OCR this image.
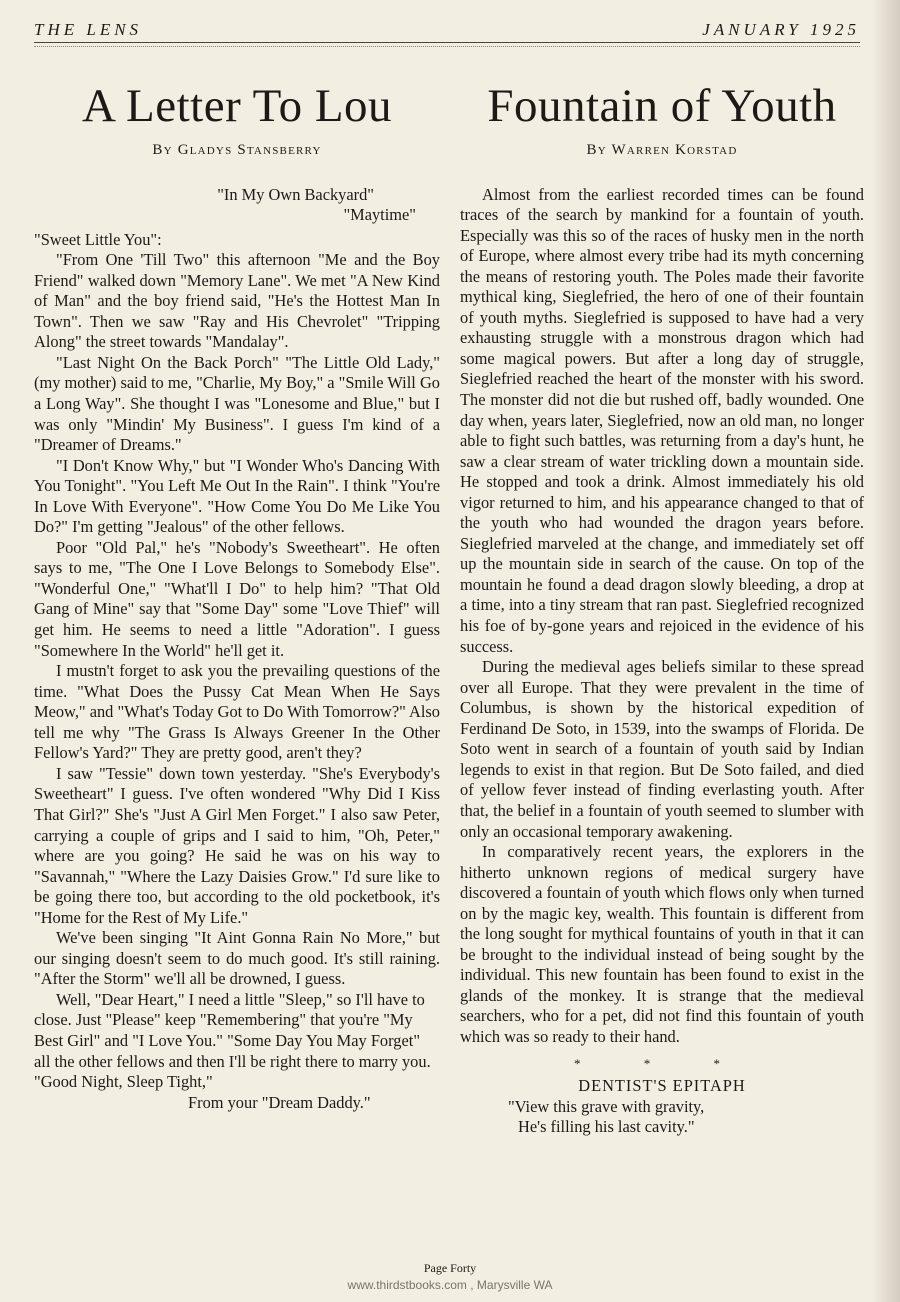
THE LENS	JANUARY 1925
A Letter To Lou
By Gladys Stansberry

"In My Own Backyard"

"Maytime"

"Sweet Little You":

"From One 'Till Two" this afternoon "Me and the Boy Friend" walked down "Memory Lane". We met "A New Kind of Man" and the boy friend said, "He's the Hottest Man In Town". Then we saw "Ray and His Chevrolet" "Tripping Along" the street towards "Mandalay".

"Last Night On the Back Porch" "The Little Old Lady," (my mother) said to me, "Charlie, My Boy," a "Smile Will Go a Long Way". She thought I was "Lonesome and Blue," but I was only "Mindin' My Business". I guess I'm kind of a "Dreamer of Dreams."

"I Don't Know Why," but "I Wonder Who's Dancing With You Tonight". "You Left Me Out In the Rain". I think "You're In Love With Everyone". "How Come You Do Me Like You Do?" I'm getting "Jealous" of the other fellows.

Poor "Old Pal," he's "Nobody's Sweetheart". He often says to me, "The One I Love Belongs to Somebody Else". "Wonderful One," "What'll I Do" to help him? "That Old Gang of Mine" say that "Some Day" some "Love Thief" will get him. He seems to need a little "Adoration". I guess "Somewhere In the World" he'll get it.

I mustn't forget to ask you the prevailing questions of the time. "What Does the Pussy Cat Mean When He Says Meow," and "What's Today Got to Do With Tomorrow?" Also tell me why "The Grass Is Always Greener In the Other Fellow's Yard?" They are pretty good, aren't they?

I saw "Tessie" down town yesterday. "She's Everybody's Sweetheart" I guess. I've often wondered "Why Did I Kiss That Girl?" She's "Just A Girl Men Forget." I also saw Peter, carrying a couple of grips and I said to him, "Oh, Peter," where are you going? He said he was on his way to "Savannah," "Where the Lazy Daisies Grow." I'd sure like to be going there too, but according to the old pocketbook, it's "Home for the Rest of My Life."

We've been singing "It Aint Gonna Rain No More," but our singing doesn't seem to do much good. It's still raining. "After the Storm" we'll all be drowned, I guess.

Well, "Dear Heart," I need a little "Sleep," so I'll have to close. Just "Please" keep "Remembering" that you're "My Best Girl" and "I Love You." "Some Day You May Forget" all the other fellows and then I'll be right there to marry you. "Good Night, Sleep Tight,"

From your "Dream Daddy."

Fountain of Youth
By Warren Korstad

Almost from the earliest recorded times can be found traces of the search by mankind for a fountain of youth. Especially was this so of the races of husky men in the north of Europe, where almost every tribe had its myth concerning the means of restoring youth. The Poles made their favorite mythical king, Sieglefried, the hero of one of their fountain of youth myths. Sieglefried is supposed to have had a very exhausting struggle with a monstrous dragon which had some magical powers. But after a long day of struggle, Sieglefried reached the heart of the monster with his sword. The monster did not die but rushed off, badly wounded. One day when, years later, Sieglefried, now an old man, no longer able to fight such battles, was returning from a day's hunt, he saw a clear stream of water trickling down a mountain side. He stopped and took a drink. Almost immediately his old vigor returned to him, and his appearance changed to that of the youth who had wounded the dragon years before. Sieglefried marveled at the change, and immediately set off up the mountain side in search of the cause. On top of the mountain he found a dead dragon slowly bleeding, a drop at a time, into a tiny stream that ran past. Sieglefried recognized his foe of by-gone years and rejoiced in the evidence of his success.

During the medieval ages beliefs similar to these spread over all Europe. That they were prevalent in the time of Columbus, is shown by the historical expedition of Ferdinand De Soto, in 1539, into the swamps of Florida. De Soto went in search of a fountain of youth said by Indian legends to exist in that region. But De Soto failed, and died of yellow fever instead of finding everlasting youth. After that, the belief in a fountain of youth seemed to slumber with only an occasional temporary awakening.

In comparatively recent years, the explorers in the hitherto unknown regions of medical surgery have discovered a fountain of youth which flows only when turned on by the magic key, wealth. This fountain is different from the long sought for mythical fountains of youth in that it can be brought to the individual instead of being sought by the individual. This new fountain has been found to exist in the glands of the monkey. It is strange that the medieval searchers, who for a pet, did not find this fountain of youth which was so ready to their hand.

* * *

DENTIST'S EPITAPH

"View this grave with gravity,

He's filling his last cavity."

Page Forty
www.thirdstbooks.com , Marysville WA
